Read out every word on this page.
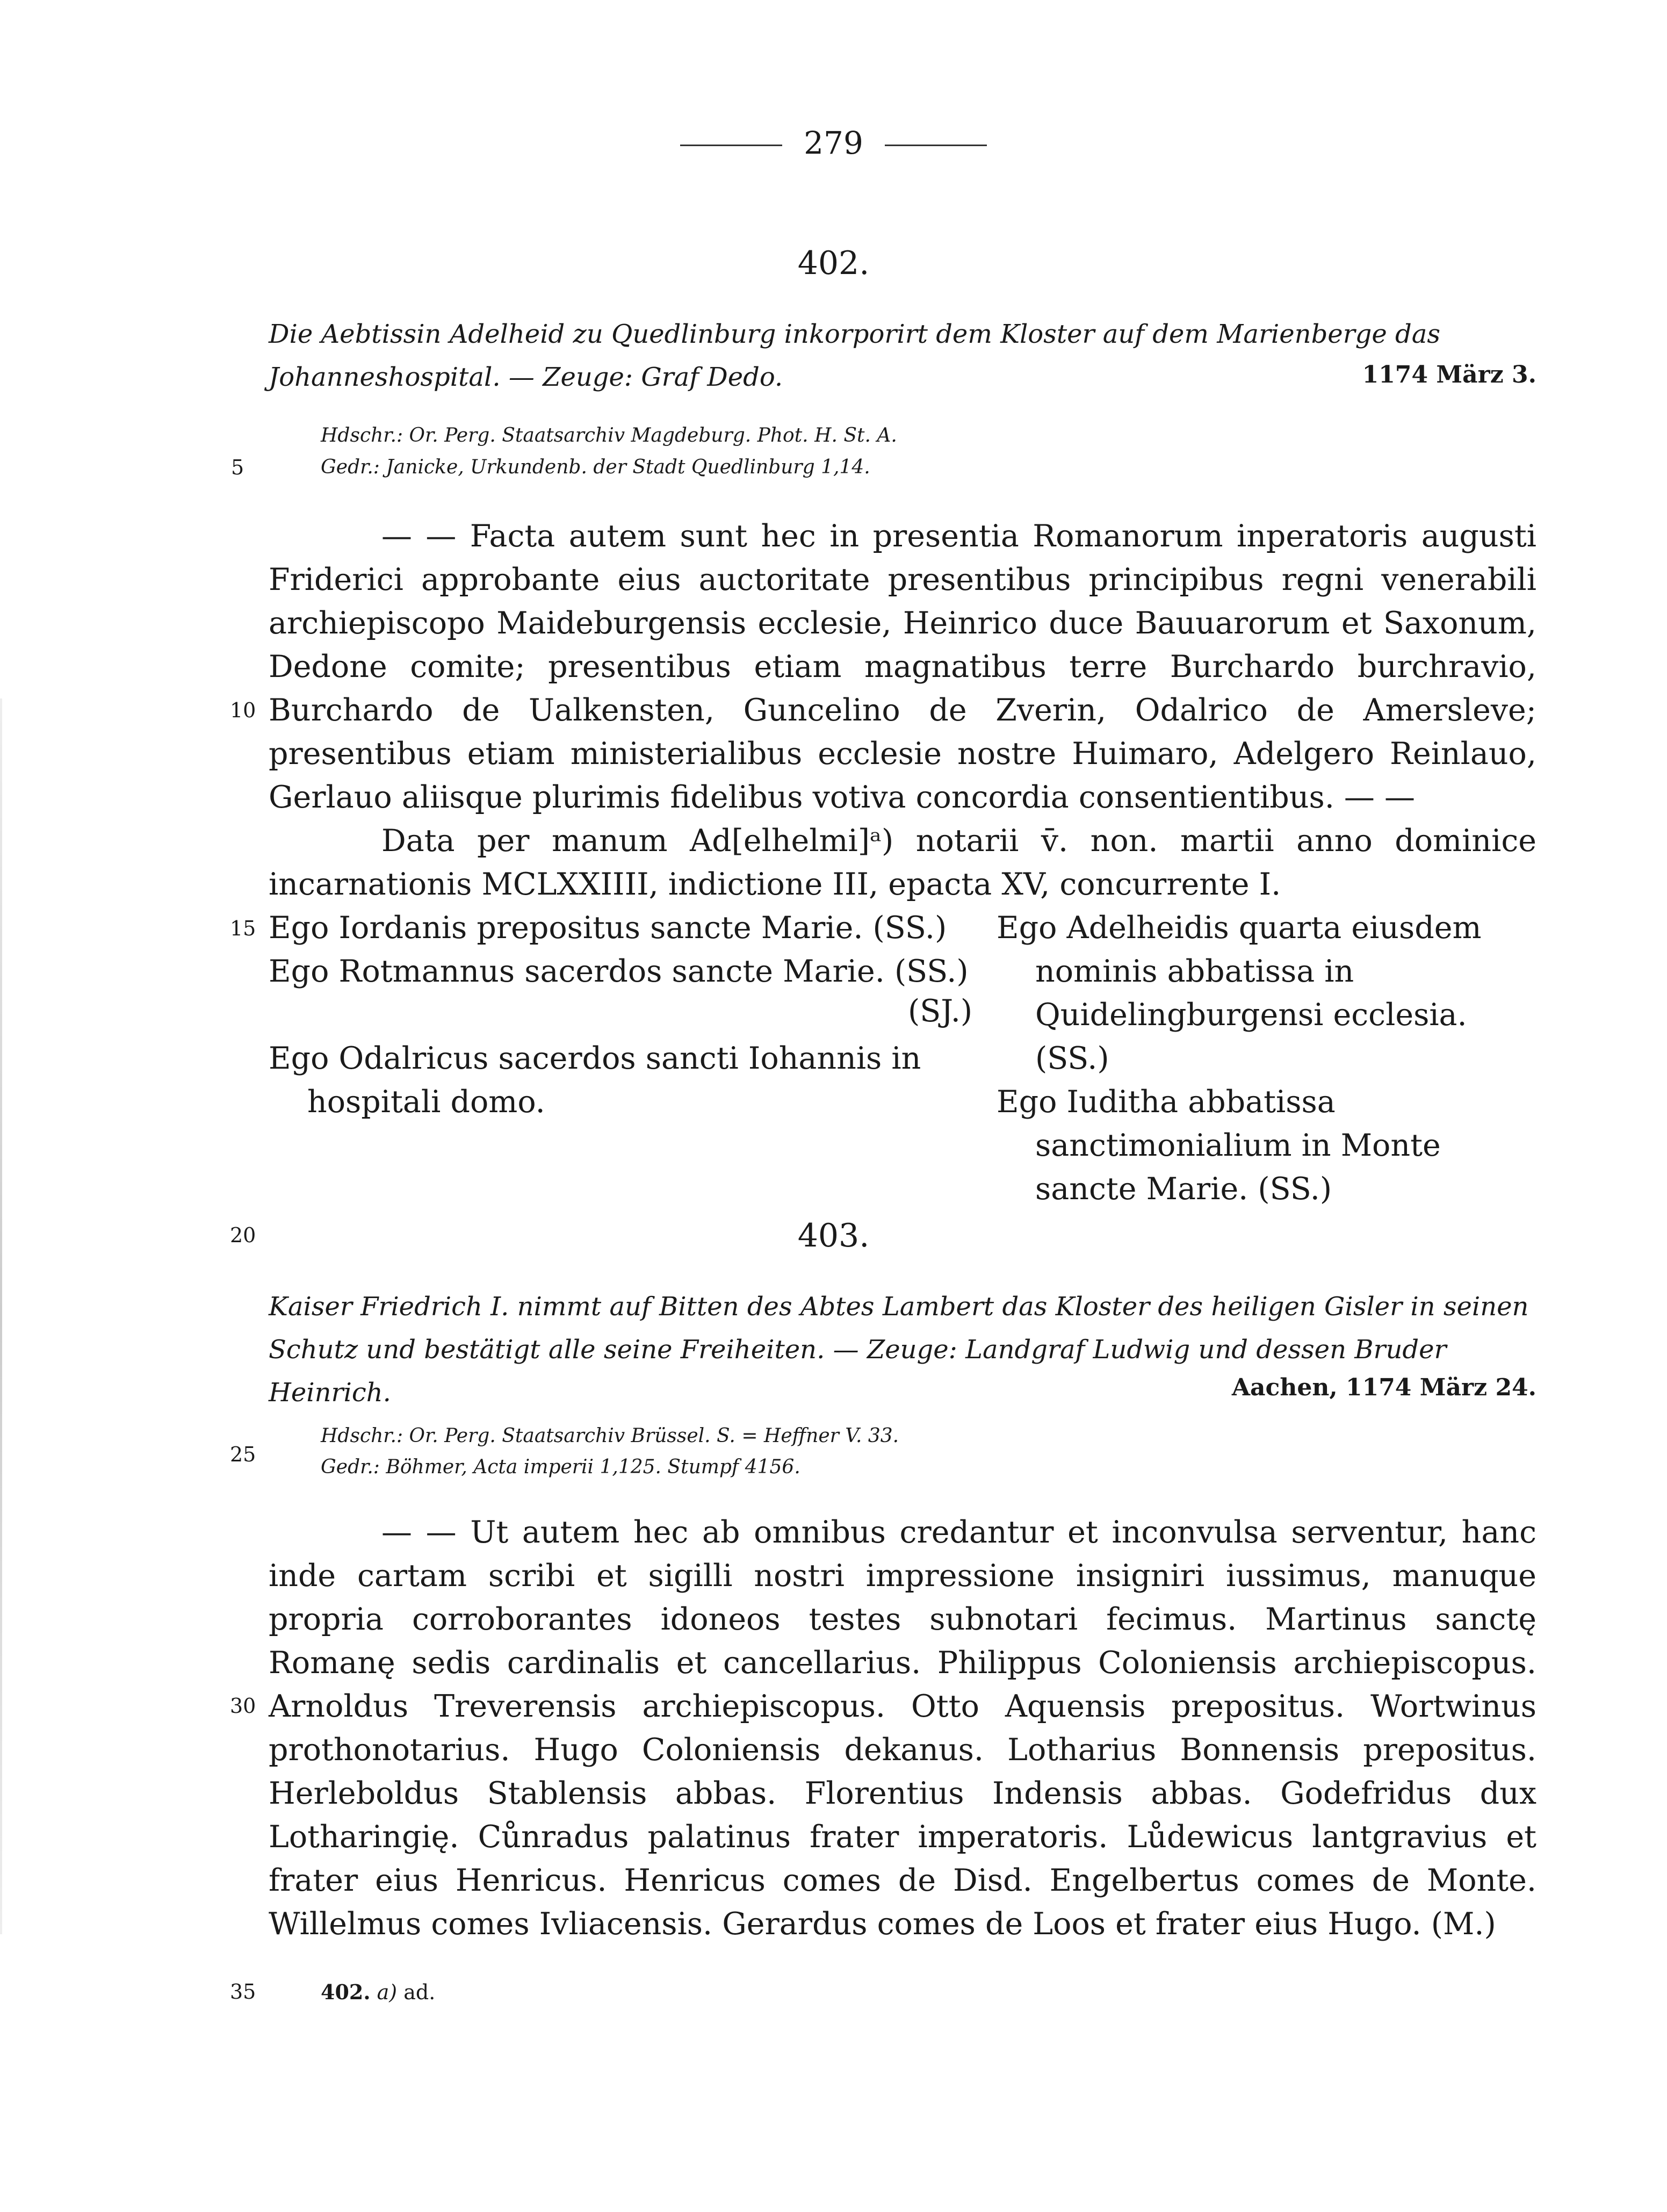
279
402.
Die Aebtissin Adelheid zu Quedlinburg inkorporirt dem Kloster auf dem Marienberge das Johanneshospital. — Zeuge: Graf Dedo.	1174 März 3.
Hdschr.: Or. Perg. Staatsarchiv Magdeburg. Phot. H. St. A.
Gedr.: Janicke, Urkundenb. der Stadt Quedlinburg 1,14.

— — Facta autem sunt hec in presentia Romanorum inperatoris augusti Friderici approbante eius auctoritate presentibus principibus regni venerabili archiepiscopo Maideburgensis ecclesie, Heinrico duce Bauuarorum et Saxonum, Dedone comite; presentibus etiam magnatibus terre Burchardo burchravio, Burchardo de Ualkensten, Guncelino de Zverin, Odalrico de Amersleve; presentibus etiam ministerialibus ecclesie nostre Huimaro, Adelgero Reinlauo, Gerlauo aliisque plurimis fidelibus votiva concordia consentientibus. — —

Data per manum Ad[elhelmi]ᵃ) notarii v̄. non. martii anno dominice incarnationis MCLXXIIII, indictione III, epacta XV, concurrente I.

Ego Iordanis prepositus sancte Marie. (SS.)

Ego Rotmannus sacerdos sancte Marie. (SS.)

Ego Odalricus sacerdos sancti Iohannis in hospitali domo.

(SJ.)

Ego Adelheidis quarta eiusdem nominis abbatissa in Quidelingburgensi ecclesia. (SS.)

Ego Iuditha abbatissa sanctimonialium in Monte sancte Marie. (SS.)

403.
Kaiser Friedrich I. nimmt auf Bitten des Abtes Lambert das Kloster des heiligen Gisler in seinen Schutz und bestätigt alle seine Freiheiten. — Zeuge: Landgraf Ludwig und dessen Bruder Heinrich.	Aachen, 1174 März 24.
Hdschr.: Or. Perg. Staatsarchiv Brüssel. S. = Heffner V. 33.
Gedr.: Böhmer, Acta imperii 1,125. Stumpf 4156.

— — Ut autem hec ab omnibus credantur et inconvulsa serventur, hanc inde cartam scribi et sigilli nostri impressione insigniri iussimus, manuque propria corroborantes idoneos testes subnotari fecimus. Martinus sanctę Romanę sedis cardinalis et cancellarius. Philippus Coloniensis archiepiscopus. Arnoldus Treverensis archiepiscopus. Otto Aquensis prepositus. Wortwinus prothonotarius. Hugo Coloniensis dekanus. Lotharius Bonnensis prepositus. Herleboldus Stablensis abbas. Florentius Indensis abbas. Godefridus dux Lotharingię. Cůnradus palatinus frater imperatoris. Lůdewicus lantgravius et frater eius Henricus. Henricus comes de Disd. Engelbertus comes de Monte. Willelmus comes Ivliacensis. Gerardus comes de Loos et frater eius Hugo. (M.)

5
10
15
20
25
30
35	402. a) ad.
